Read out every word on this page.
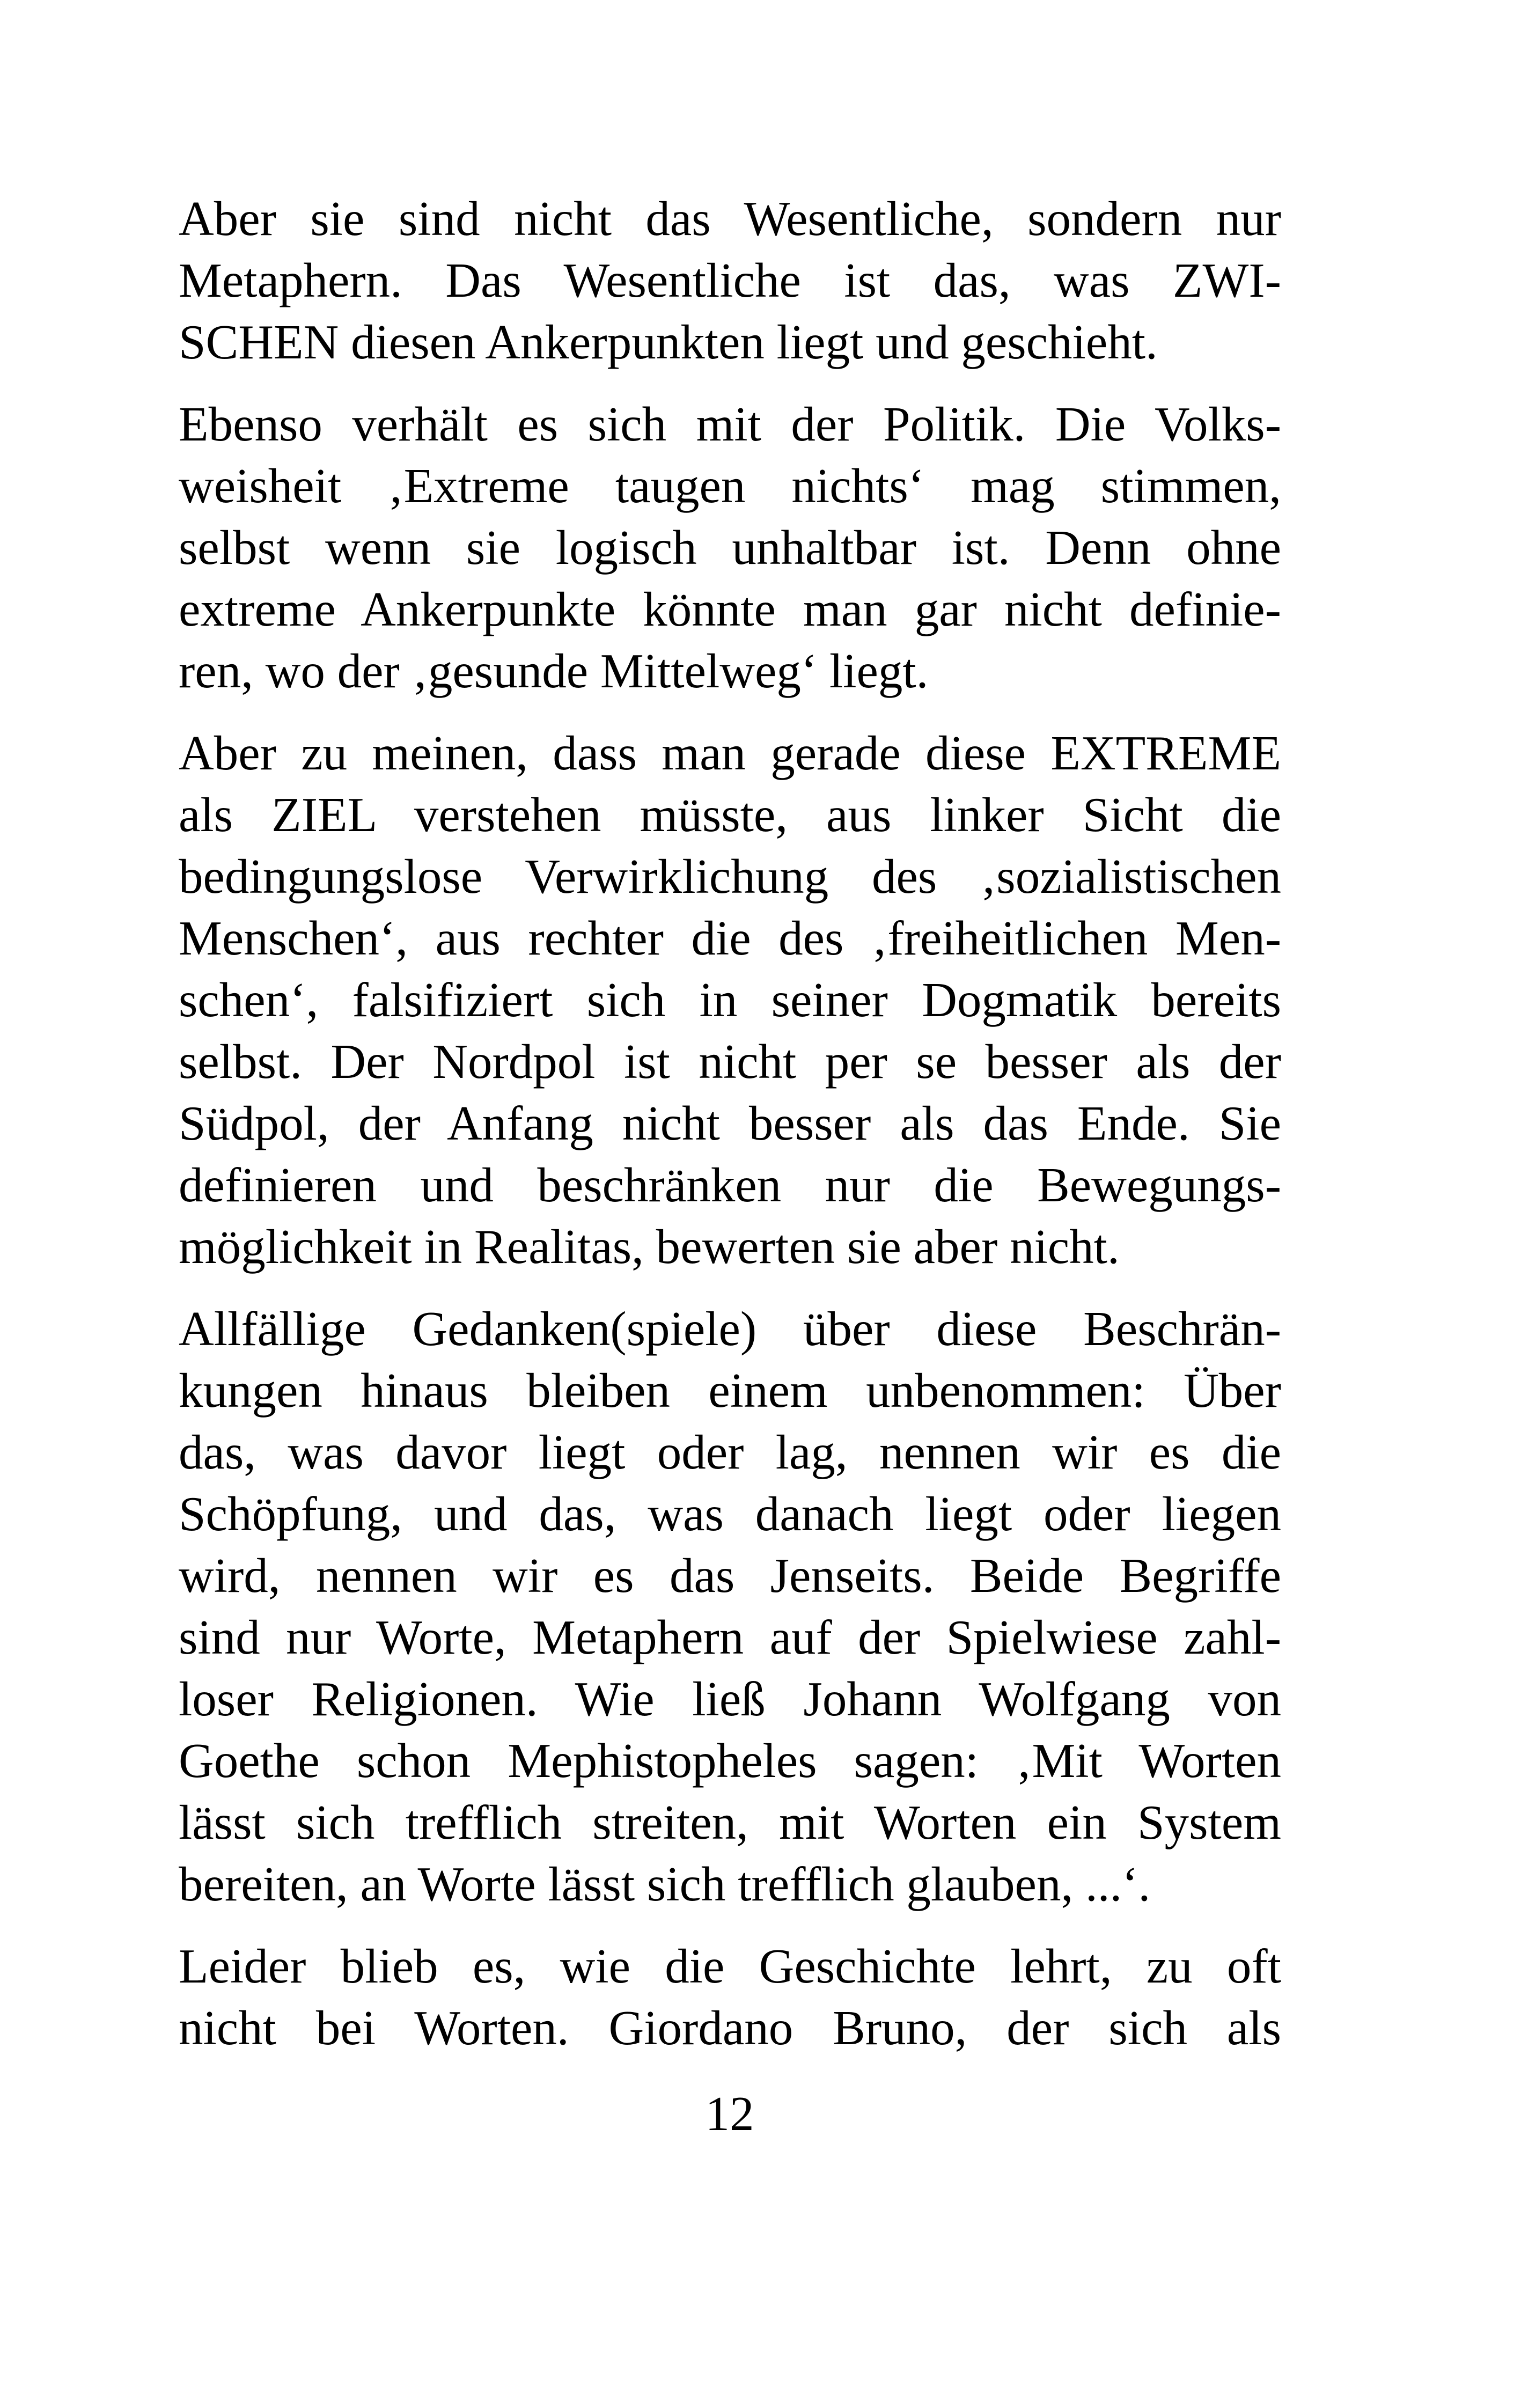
Aber sie sind nicht das Wesentliche, sondern nur
Metaphern. Das Wesentliche ist das, was ZWI-
SCHEN diesen Ankerpunkten liegt und geschieht.

Ebenso verhält es sich mit der Politik. Die Volks-
weisheit ‚Extreme taugen nichts‘ mag stimmen,
selbst wenn sie logisch unhaltbar ist. Denn ohne
extreme Ankerpunkte könnte man gar nicht definie-
ren, wo der ‚gesunde Mittelweg‘ liegt.

Aber zu meinen, dass man gerade diese EXTREME
als ZIEL verstehen müsste, aus linker Sicht die
bedingungslose Verwirklichung des ‚sozialistischen
Menschen‘, aus rechter die des ‚freiheitlichen Men-
schen‘, falsifiziert sich in seiner Dogmatik bereits
selbst. Der Nordpol ist nicht per se besser als der
Südpol, der Anfang nicht besser als das Ende. Sie
definieren und beschränken nur die Bewegungs-
möglichkeit in Realitas, bewerten sie aber nicht.

Allfällige Gedanken(spiele) über diese Beschrän-
kungen hinaus bleiben einem unbenommen: Über
das, was davor liegt oder lag, nennen wir es die
Schöpfung, und das, was danach liegt oder liegen
wird, nennen wir es das Jenseits. Beide Begriffe
sind nur Worte, Metaphern auf der Spielwiese zahl-
loser Religionen. Wie ließ Johann Wolfgang von
Goethe schon Mephistopheles sagen: ‚Mit Worten
lässt sich trefflich streiten, mit Worten ein System
bereiten, an Worte lässt sich trefflich glauben, ...‘.

Leider blieb es, wie die Geschichte lehrt, zu oft
nicht bei Worten. Giordano Bruno, der sich als

12
